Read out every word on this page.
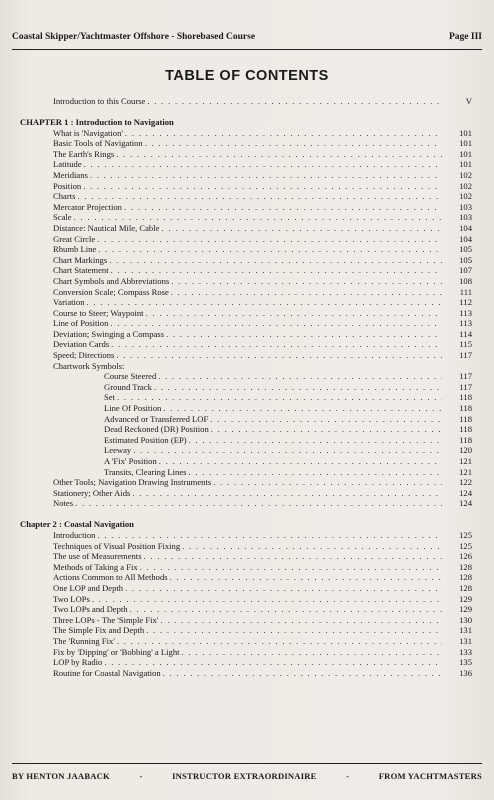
Coastal Skipper/Yachtmaster Offshore - Shorebased Course	Page III
TABLE OF CONTENTS
Introduction to this Course . . .	V
CHAPTER 1 : Introduction to Navigation
What is 'Navigation' . . .	101
Basic Tools of Navigation . . .	101
The Earth's Rings . . .	101
Latitude . . .	101
Meridians . . .	102
Position . . .	102
Charts . . .	102
Mercator Projection . . .	103
Scale . . .	103
Distance: Nautical Mile, Cable . . .	104
Great Circle . . .	104
Rhumb Line . . .	105
Chart Markings . . .	105
Chart Statement . . .	107
Chart Symbols and Abbreviations . . .	108
Conversion Scale; Compass Rose . . .	111
Variation . . .	112
Course to Steer; Waypoint . . .	113
Line of Position . . .	113
Deviation; Swinging a Compass . . .	114
Deviation Cards . . .	115
Speed; Directions . . .	117
Chartwork Symbols:
Course Steered . . .	117
Ground Track . . .	117
Set . . .	118
Line Of Position . . .	118
Advanced or Transferred LOF . . .	118
Dead Reckoned (DR) Position . . .	118
Estimated Position (EP) . . .	118
Leeway . . .	120
A 'Fix' Position . . .	121
Transits, Clearing Lines . . .	121
Other Tools; Navigation Drawing Instruments . . .	122
Stationery; Other Aids . . .	124
Notes . . .	124
Chapter 2 : Coastal Navigation
Introduction . . .	125
Techniques of Visual Position Fixing . . .	125
The use of Measurements . . .	126
Methods of Taking a Fix . . .	128
Actions Common to All Methods . . .	128
One LOP and Depth . . .	128
Two LOPs . . .	129
Two LOPs and Depth . . .	129
Three LOPs - The 'Simple Fix' . . .	130
The Simple Fix and Depth . . .	131
The 'Running Fix' . . .	131
Fix by 'Dipping' or 'Bobbing' a Light . . .	133
LOP by Radio . . .	135
Routine for Coastal Navigation . . .	136
BY HENTON JAABACK	-	INSTRUCTOR EXTRAORDINAIRE	-	FROM YACHTMASTERS
